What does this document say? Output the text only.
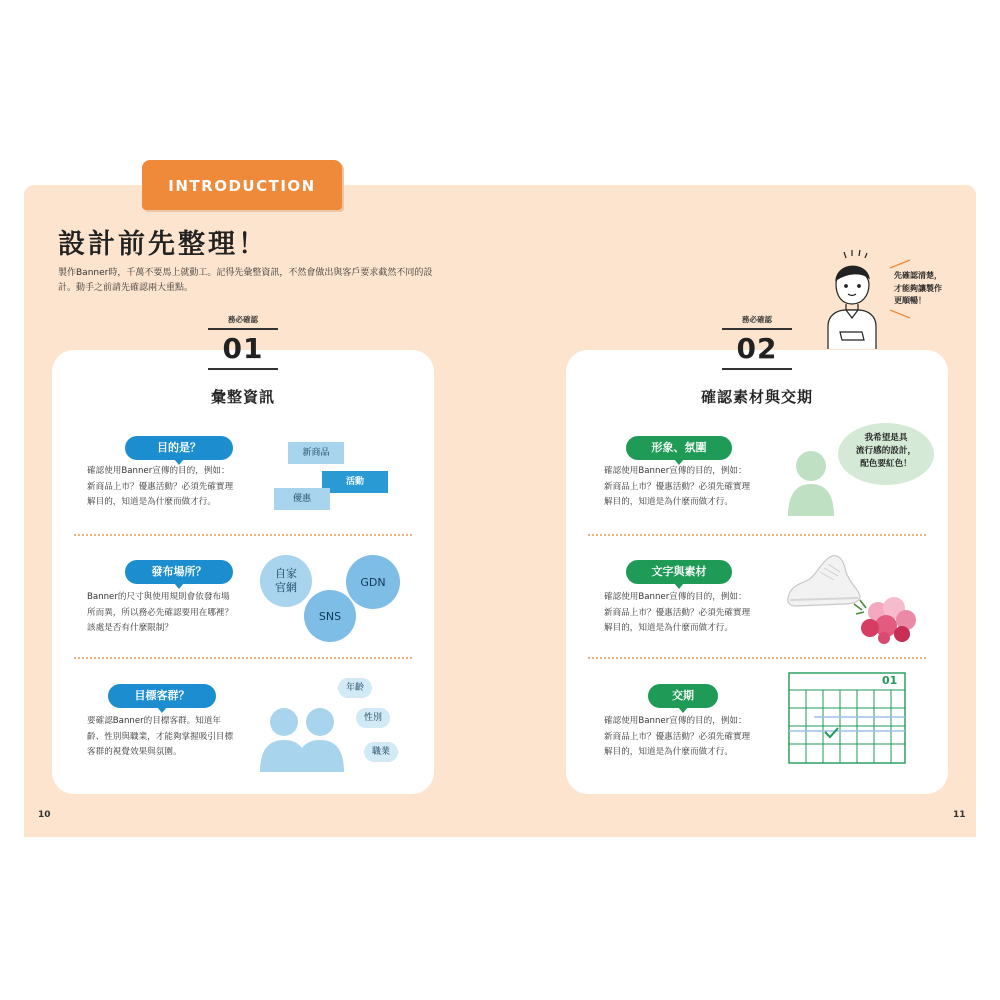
INTRODUCTION
設計前先整理！
製作Banner時，千萬不要馬上就動工。記得先彙整資訊，不然會做出與客戶要求截然不同的設
計。動手之前請先確認兩大重點。
先確認清楚，
才能夠讓製作
更順暢！
彙整資訊
目的是？
確認使用Banner宣傳的目的，例如：
新商品上市？優惠活動？必須先確實理
解目的，知道是為什麼而做才行。
新商品
活動
優惠
發布場所？
Banner的尺寸與使用規則會依發布場
所而異，所以務必先確認要用在哪裡？
該處是否有什麼限制？
自家
官網	GDN
SNS
目標客群？
要確認Banner的目標客群。知道年
齡、性別與職業，才能夠掌握吸引目標
客群的視覺效果與氛圍。
年齡
性別
職業
務必確認
01
確認素材與交期
形象、氛圍
確認使用Banner宣傳的目的，例如：
新商品上市？優惠活動？必須先確實理
解目的，知道是為什麼而做才行。
文字與素材
確認使用Banner宣傳的目的，例如：
新商品上市？優惠活動？必須先確實理
解目的，知道是為什麼而做才行。
交期
確認使用Banner宣傳的目的，例如：
新商品上市？優惠活動？必須先確實理
解目的，知道是為什麼而做才行。
01
我希望是具
流行感的設計，
配色要紅色！
務必確認
02
10	11
